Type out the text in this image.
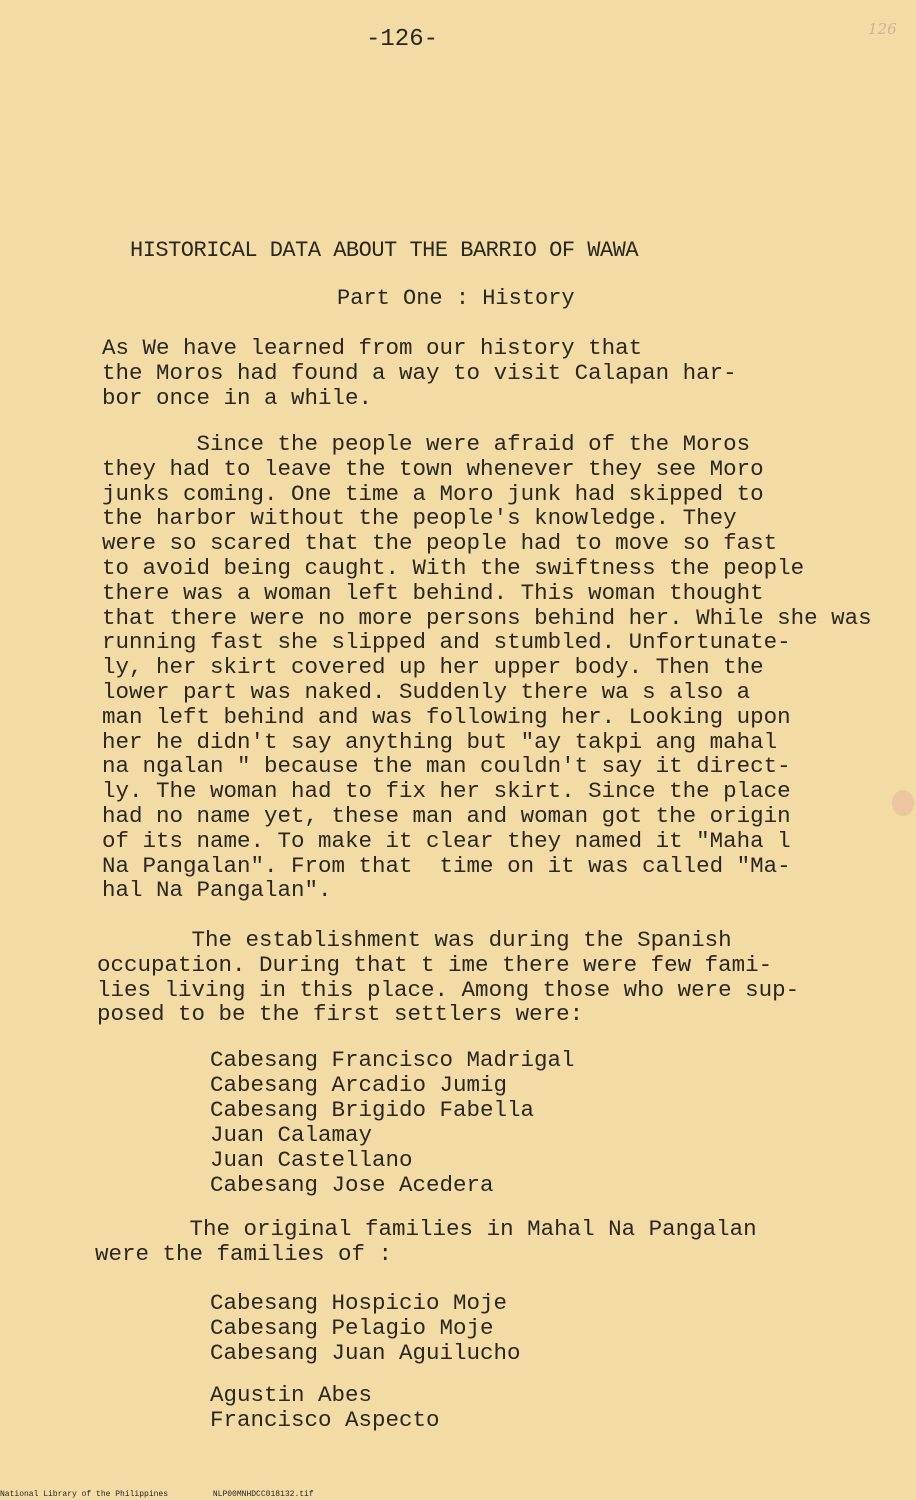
-126-	126
HISTORICAL DATA ABOUT THE BARRIO OF WAWA
Part One : History

As We have learned from our history that
the Moros had found a way to visit Calapan har-
bor once in a while.

Since the people were afraid of the Moros
they had to leave the town whenever they see Moro
junks coming. One time a Moro junk had skipped to
the harbor without the people's knowledge. They
were so scared that the people had to move so fast
to avoid being caught. With the swiftness the people
there was a woman left behind. This woman thought
that there were no more persons behind her. While she was
running fast she slipped and stumbled. Unfortunate-
ly, her skirt covered up her upper body. Then the
lower part was naked. Suddenly there wa s also a
man left behind and was following her. Looking upon
her he didn't say anything but "ay takpi ang mahal
na ngalan " because the man couldn't say it direct-
ly. The woman had to fix her skirt. Since the place
had no name yet, these man and woman got the origin
of its name. To make it clear they named it "Maha l
Na Pangalan". From that  time on it was called "Ma-
hal Na Pangalan".

The establishment was during the Spanish
occupation. During that t ime there were few fami-
lies living in this place. Among those who were sup-
posed to be the first settlers were:

Cabesang Francisco Madrigal
Cabesang Arcadio Jumig
Cabesang Brigido Fabella
Juan Calamay
Juan Castellano
Cabesang Jose Acedera

The original families in Mahal Na Pangalan
were the families of :

Cabesang Hospicio Moje
Cabesang Pelagio Moje
Cabesang Juan Aguilucho
Agustin Abes
Francisco Aspecto
National Library of the Philippines	NLP00MNHDCC018132.tif
